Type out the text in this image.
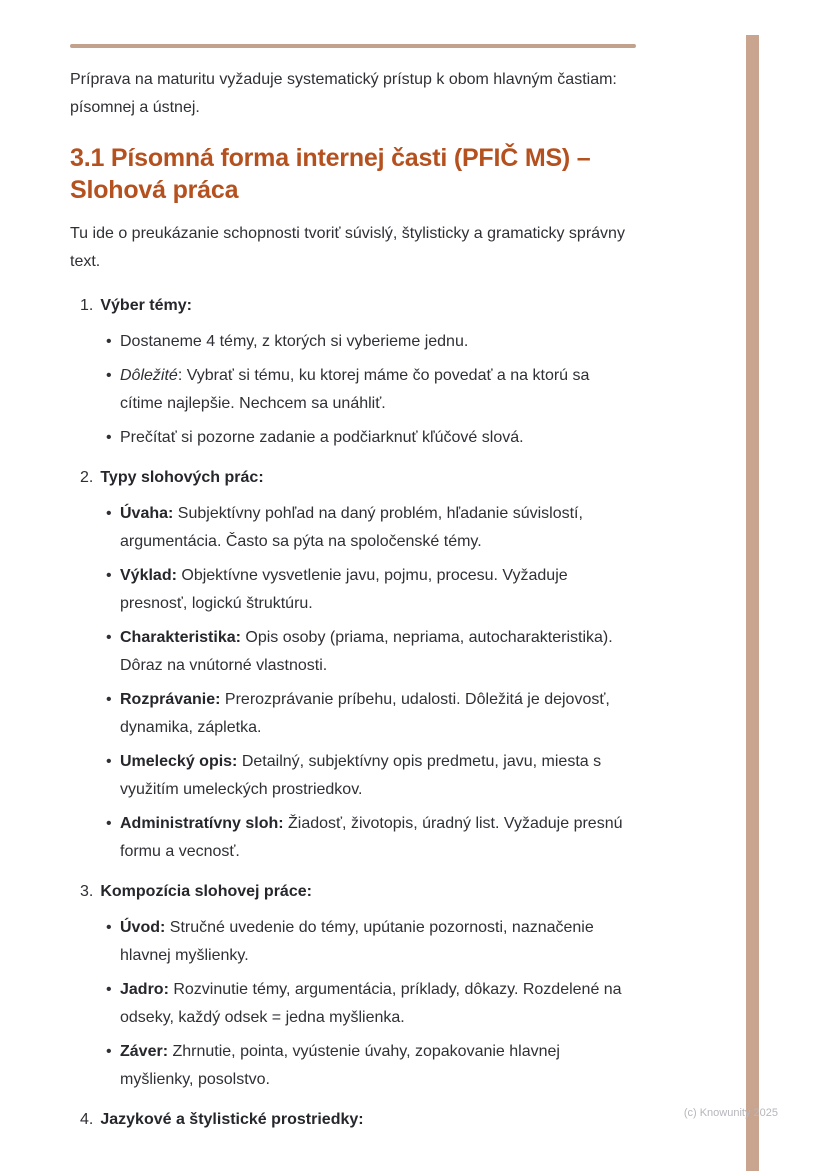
Príprava na maturitu vyžaduje systematický prístup k obom hlavným častiam: písomnej a ústnej.

3.1 Písomná forma internej časti (PFIČ MS) – Slohová práca

Tu ide o preukázanie schopnosti tvoriť súvislý, štylisticky a gramaticky správny text.

1. Výber témy:
• Dostaneme 4 témy, z ktorých si vyberieme jednu.
• Dôležité: Vybrať si tému, ku ktorej máme čo povedať a na ktorú sa cítime najlepšie. Nechcem sa unáhliť.
• Prečítať si pozorne zadanie a podčiarknuť kľúčové slová.
2. Typy slohových prác:
• Úvaha: Subjektívny pohľad na daný problém, hľadanie súvislostí, argumentácia. Často sa pýta na spoločenské témy.
• Výklad: Objektívne vysvetlenie javu, pojmu, procesu. Vyžaduje presnosť, logickú štruktúru.
• Charakteristika: Opis osoby (priama, nepriama, autocharakteristika). Dôraz na vnútorné vlastnosti.
• Rozprávanie: Prerozprávanie príbehu, udalosti. Dôležitá je dejovosť, dynamika, zápletka.
• Umelecký opis: Detailný, subjektívny opis predmetu, javu, miesta s využitím umeleckých prostriedkov.
• Administratívny sloh: Žiadosť, životopis, úradný list. Vyžaduje presnú formu a vecnosť.
3. Kompozícia slohovej práce:
• Úvod: Stručné uvedenie do témy, upútanie pozornosti, naznačenie hlavnej myšlienky.
• Jadro: Rozvinutie témy, argumentácia, príklady, dôkazy. Rozdelené na odseky, každý odsek = jedna myšlienka.
• Záver: Zhrnutie, pointa, vyústenie úvahy, zopakovanie hlavnej myšlienky, posolstvo.
4. Jazykové a štylistické prostriedky:	(c) Knowunity 2025
